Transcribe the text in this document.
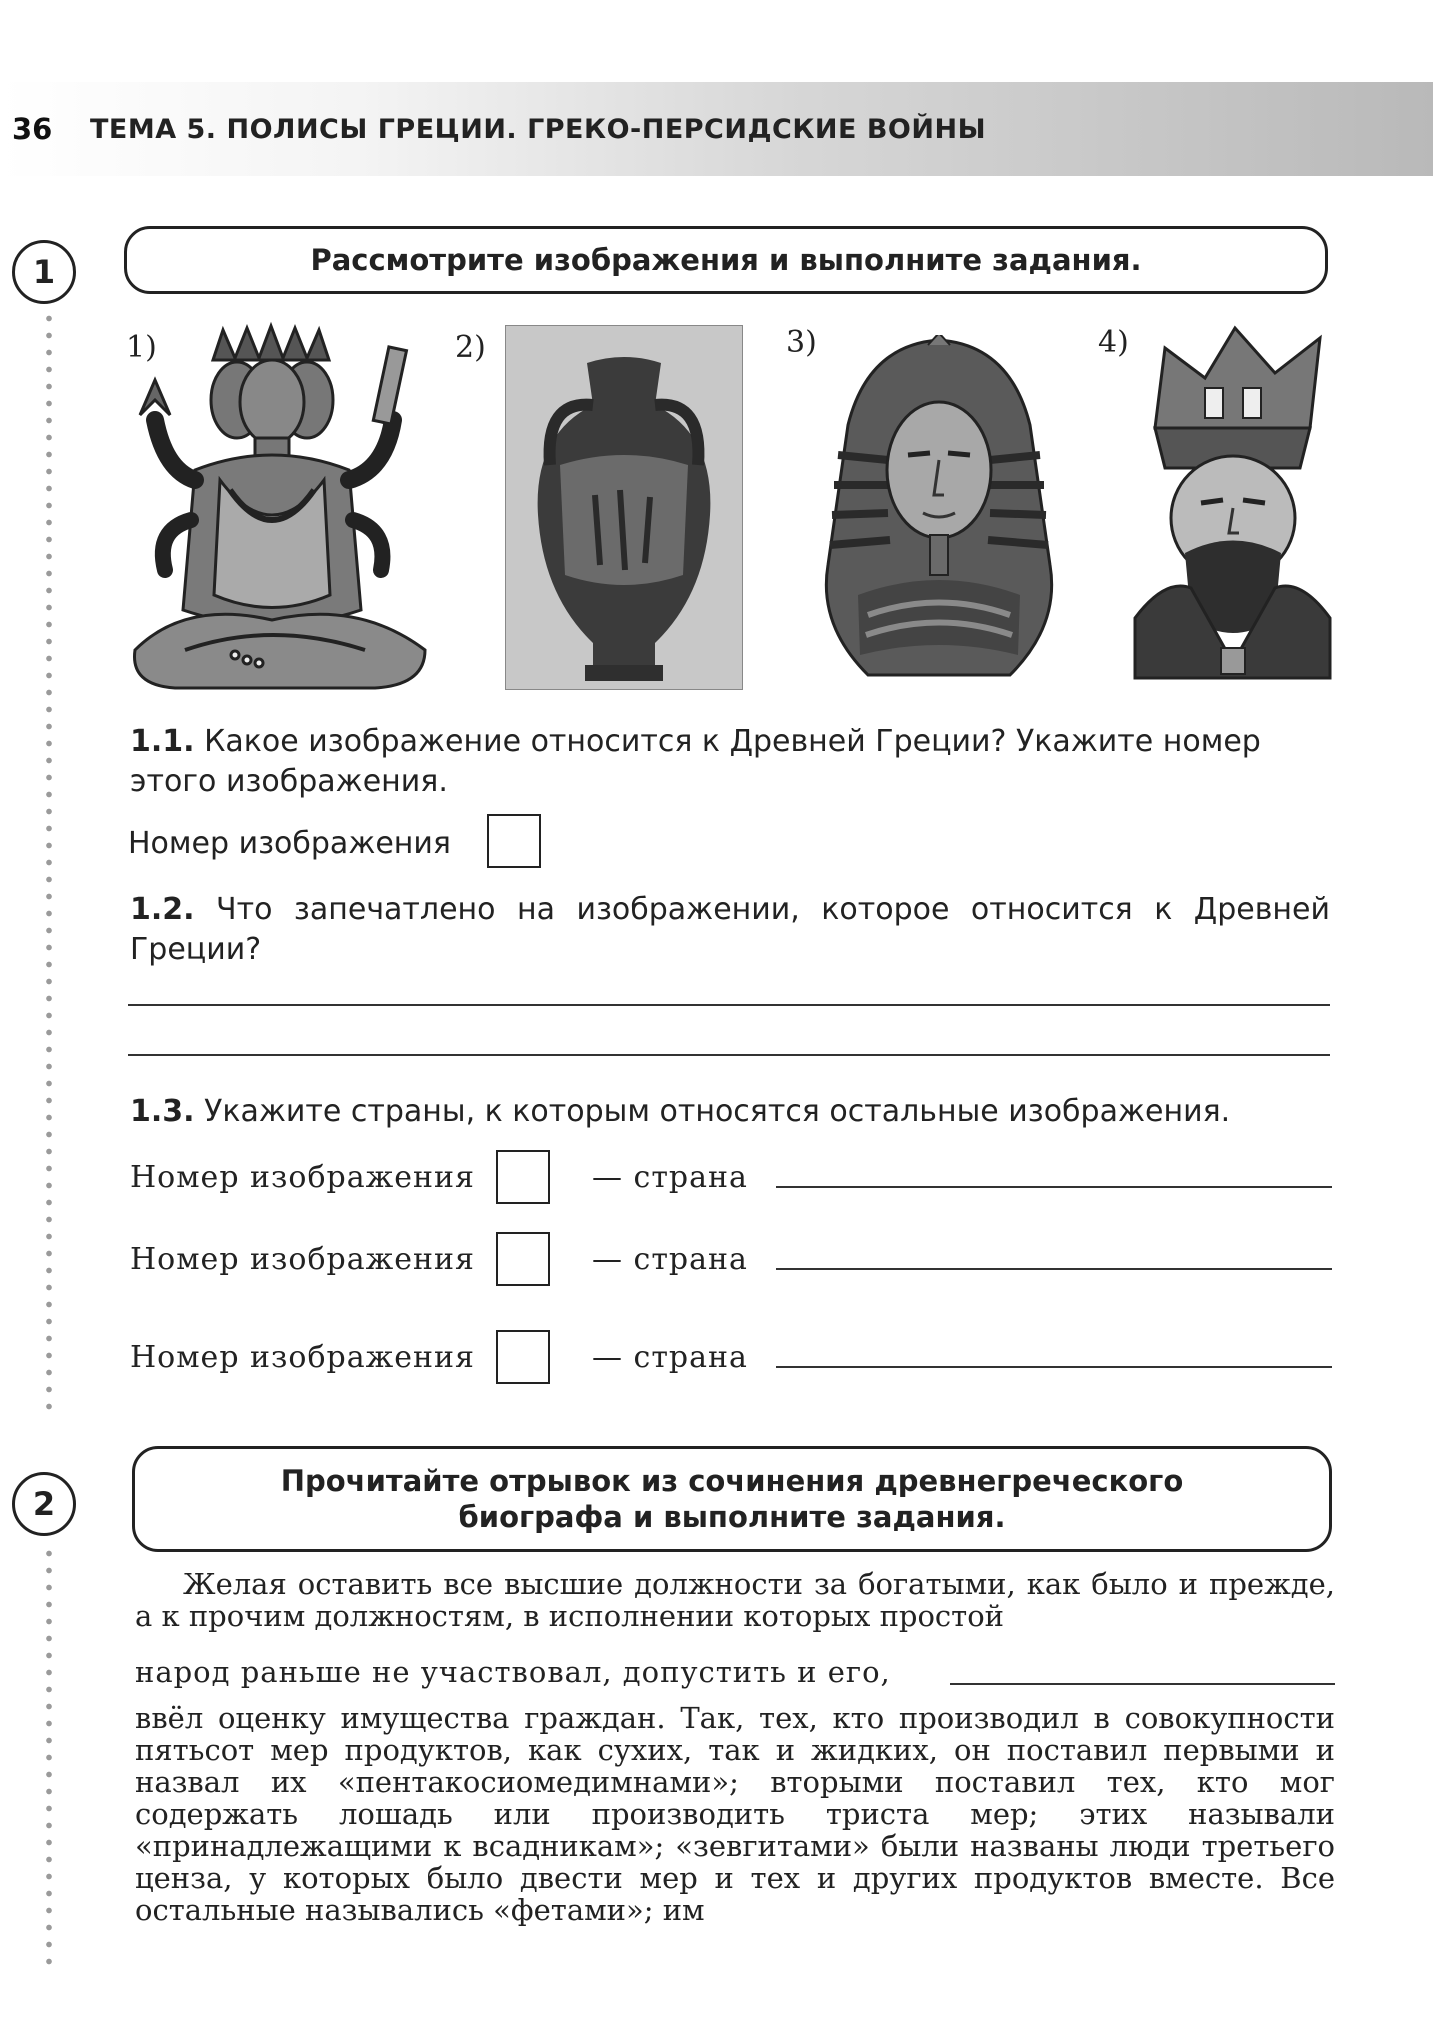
36 ТЕМА 5. ПОЛИСЫ ГРЕЦИИ. ГРЕКО-ПЕРСИДСКИЕ ВОЙНЫ
1	Рассмотрите изображения и выполните задания.
1)	2)	3)	4)
1.1. Какое изображение относится к Древней Греции? Укажите номер этого изображения.
Номер изображения
1.2. Что запечатлено на изображении, которое относится к Древней Греции?
1.3. Укажите страны, к которым относятся остальные изображения.
Номер изображения	— страна
Номер изображения	— страна
Номер изображения	— страна
2
Прочитайте отрывок из сочинения древнегреческого
биографа и выполните задания.
Желая оставить все высшие должности за богатыми, как было и прежде, а к прочим должностям, в исполнении которых простой
народ раньше не участвовал, допустить и его,
ввёл оценку имущества граждан. Так, тех, кто производил в совокупности пятьсот мер продуктов, как сухих, так и жидких, он поставил первыми и назвал их «пентакосиомедимнами»; вторыми поставил тех, кто мог содержать лошадь или производить триста мер; этих называли «принадлежащими к всадникам»; «зевгитами» были названы люди третьего ценза, у которых было двести мер и тех и других продуктов вместе. Все остальные назывались «фетами»; им
